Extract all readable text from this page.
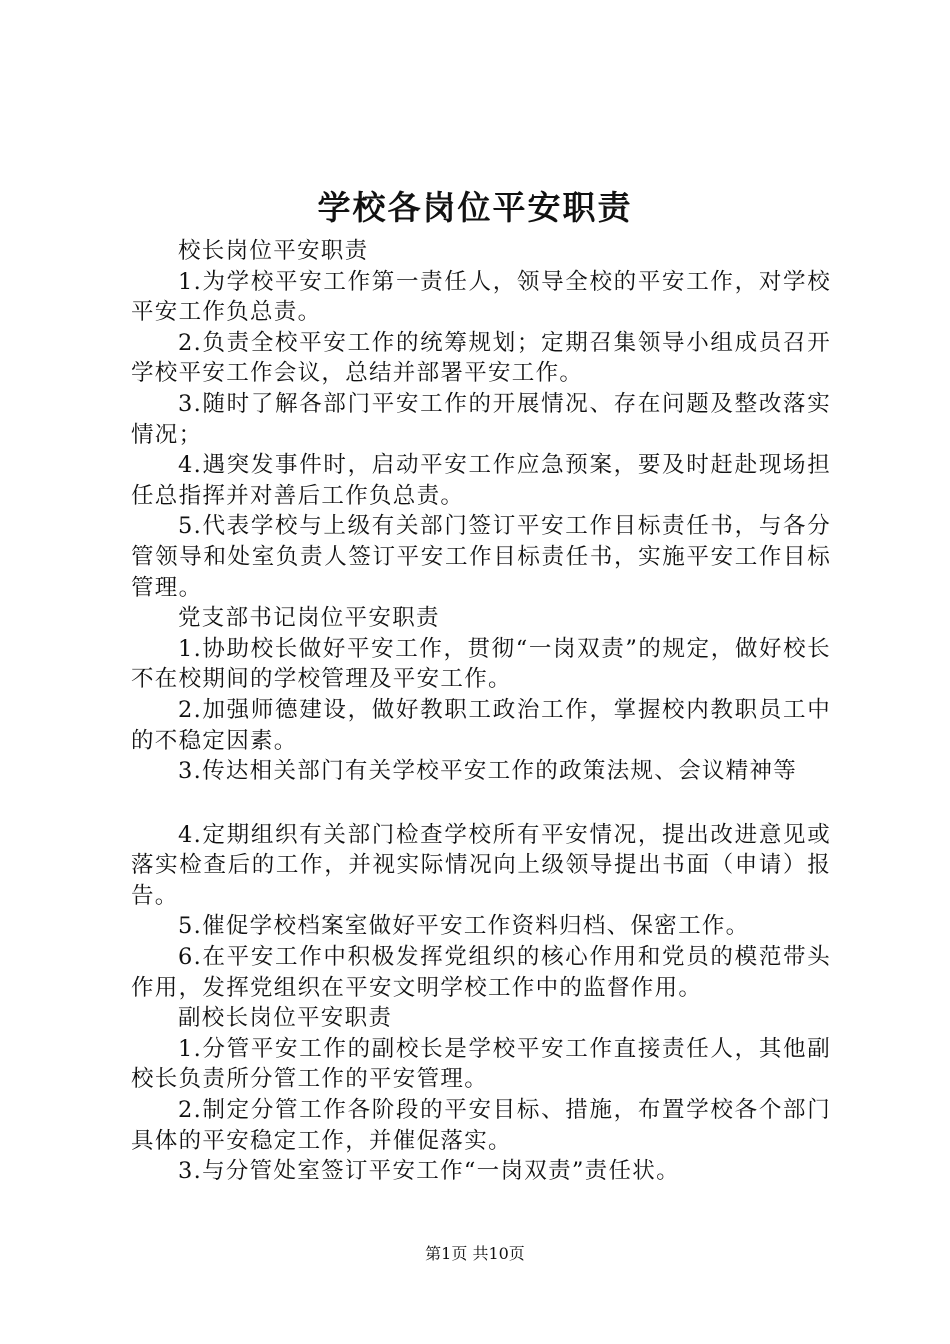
学校各岗位平安职责

校长岗位平安职责

1.为学校平安工作第一责任人，领导全校的平安工作，对学校平安工作负总责。

2.负责全校平安工作的统筹规划；定期召集领导小组成员召开学校平安工作会议，总结并部署平安工作。

3.随时了解各部门平安工作的开展情况、存在问题及整改落实情况；

4.遇突发事件时，启动平安工作应急预案，要及时赶赴现场担任总指挥并对善后工作负总责。

5.代表学校与上级有关部门签订平安工作目标责任书，与各分管领导和处室负责人签订平安工作目标责任书，实施平安工作目标管理。

党支部书记岗位平安职责

1.协助校长做好平安工作，贯彻“一岗双责”的规定，做好校长不在校期间的学校管理及平安工作。

2.加强师德建设，做好教职工政治工作，掌握校内教职员工中的不稳定因素。

3.传达相关部门有关学校平安工作的政策法规、会议精神等

4.定期组织有关部门检查学校所有平安情况，提出改进意见或落实检查后的工作，并视实际情况向上级领导提出书面（申请）报告。

5.催促学校档案室做好平安工作资料归档、保密工作。

6.在平安工作中积极发挥党组织的核心作用和党员的模范带头作用，发挥党组织在平安文明学校工作中的监督作用。

副校长岗位平安职责

1.分管平安工作的副校长是学校平安工作直接责任人，其他副校长负责所分管工作的平安管理。

2.制定分管工作各阶段的平安目标、措施，布置学校各个部门具体的平安稳定工作，并催促落实。

3.与分管处室签订平安工作“一岗双责”责任状。

第1页 共10页
